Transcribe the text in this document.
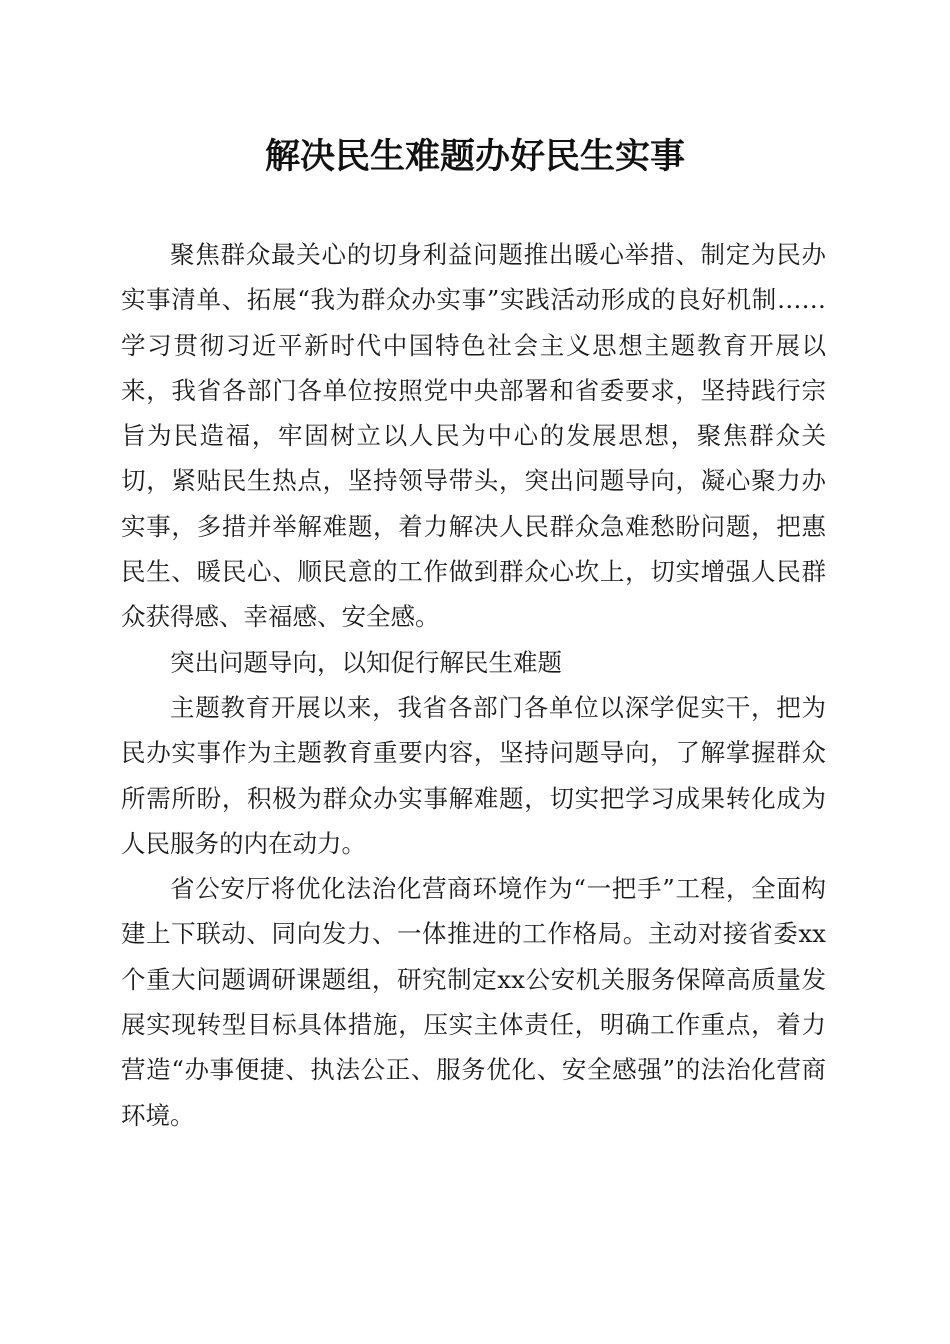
解决民生难题办好民生实事

聚焦群众最关心的切身利益问题推出暖心举措、制定为民办实事清单、拓展“我为群众办实事”实践活动形成的良好机制……学习贯彻习近平新时代中国特色社会主义思想主题教育开展以来，我省各部门各单位按照党中央部署和省委要求，坚持践行宗旨为民造福，牢固树立以人民为中心的发展思想，聚焦群众关切，紧贴民生热点，坚持领导带头，突出问题导向，凝心聚力办实事，多措并举解难题，着力解决人民群众急难愁盼问题，把惠民生、暖民心、顺民意的工作做到群众心坎上，切实增强人民群众获得感、幸福感、安全感。

突出问题导向，以知促行解民生难题

主题教育开展以来，我省各部门各单位以深学促实干，把为民办实事作为主题教育重要内容，坚持问题导向，了解掌握群众所需所盼，积极为群众办实事解难题，切实把学习成果转化成为人民服务的内在动力。

省公安厅将优化法治化营商环境作为“一把手”工程，全面构建上下联动、同向发力、一体推进的工作格局。主动对接省委xx个重大问题调研课题组，研究制定xx公安机关服务保障高质量发展实现转型目标具体措施，压实主体责任，明确工作重点，着力营造“办事便捷、执法公正、服务优化、安全感强”的法治化营商环境。
